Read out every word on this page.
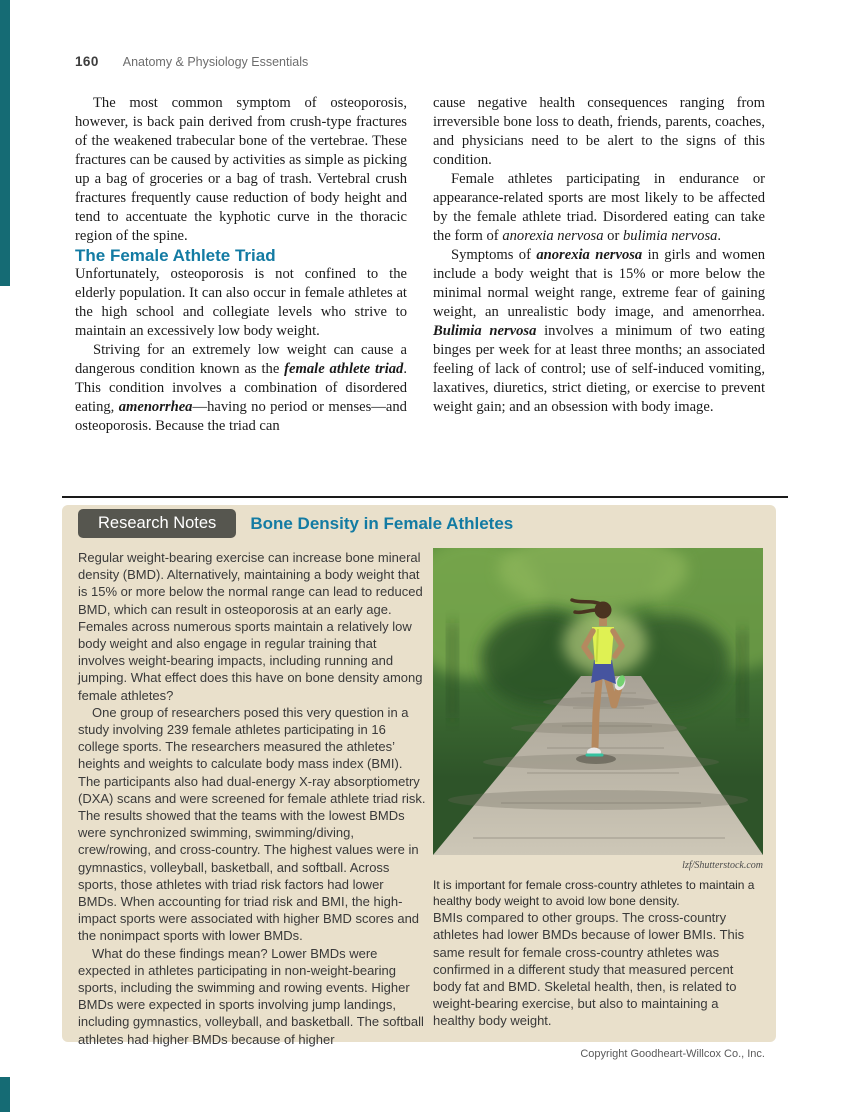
160 Anatomy & Physiology Essentials

The most common symptom of osteoporosis, however, is back pain derived from crush-type fractures of the weakened trabecular bone of the vertebrae. These fractures can be caused by activities as simple as picking up a bag of groceries or a bag of trash. Vertebral crush fractures frequently cause reduction of body height and tend to accentuate the kyphotic curve in the thoracic region of the spine.

The Female Athlete Triad

Unfortunately, osteoporosis is not confined to the elderly population. It can also occur in female athletes at the high school and collegiate levels who strive to maintain an excessively low body weight.

Striving for an extremely low weight can cause a dangerous condition known as the female athlete triad. This condition involves a combination of disordered eating, amenorrhea—having no period or menses—and osteoporosis. Because the triad can

cause negative health consequences ranging from irreversible bone loss to death, friends, parents, coaches, and physicians need to be alert to the signs of this condition.

Female athletes participating in endurance or appearance-related sports are most likely to be affected by the female athlete triad. Disordered eating can take the form of anorexia nervosa or bulimia nervosa.

Symptoms of anorexia nervosa in girls and women include a body weight that is 15% or more below the minimal normal weight range, extreme fear of gaining weight, an unrealistic body image, and amenorrhea. Bulimia nervosa involves a minimum of two eating binges per week for at least three months; an associated feeling of lack of control; use of self-induced vomiting, laxatives, diuretics, strict dieting, or exercise to prevent weight gain; and an obsession with body image.

Research Notes	Bone Density in Female Athletes

Regular weight-bearing exercise can increase bone mineral density (BMD). Alternatively, maintaining a body weight that is 15% or more below the normal range can lead to reduced BMD, which can result in osteoporosis at an early age. Females across numerous sports maintain a relatively low body weight and also engage in regular training that involves weight-bearing impacts, including running and jumping. What effect does this have on bone density among female athletes?

One group of researchers posed this very question in a study involving 239 female athletes participating in 16 college sports. The researchers measured the athletes’ heights and weights to calculate body mass index (BMI). The participants also had dual-energy X-ray absorptiometry (DXA) scans and were screened for female athlete triad risk. The results showed that the teams with the lowest BMDs were synchronized swimming, swimming/diving, crew/rowing, and cross-country. The highest values were in gymnastics, volleyball, basketball, and softball. Across sports, those athletes with triad risk factors had lower BMDs. When accounting for triad risk and BMI, the high-impact sports were associated with higher BMD scores and the nonimpact sports with lower BMDs.

What do these findings mean? Lower BMDs were expected in athletes participating in non-weight-bearing sports, including the swimming and rowing events. Higher BMDs were expected in sports involving jump landings, including gymnastics, volleyball, and basketball. The softball athletes had higher BMDs because of higher

lzf/Shutterstock.com
It is important for female cross-country athletes to maintain a healthy body weight to avoid low bone density.

BMIs compared to other groups. The cross-country athletes had lower BMDs because of lower BMIs. This same result for female cross-country athletes was confirmed in a different study that measured percent body fat and BMD. Skeletal health, then, is related to weight-bearing exercise, but also to maintaining a healthy body weight.

Copyright Goodheart-Willcox Co., Inc.
